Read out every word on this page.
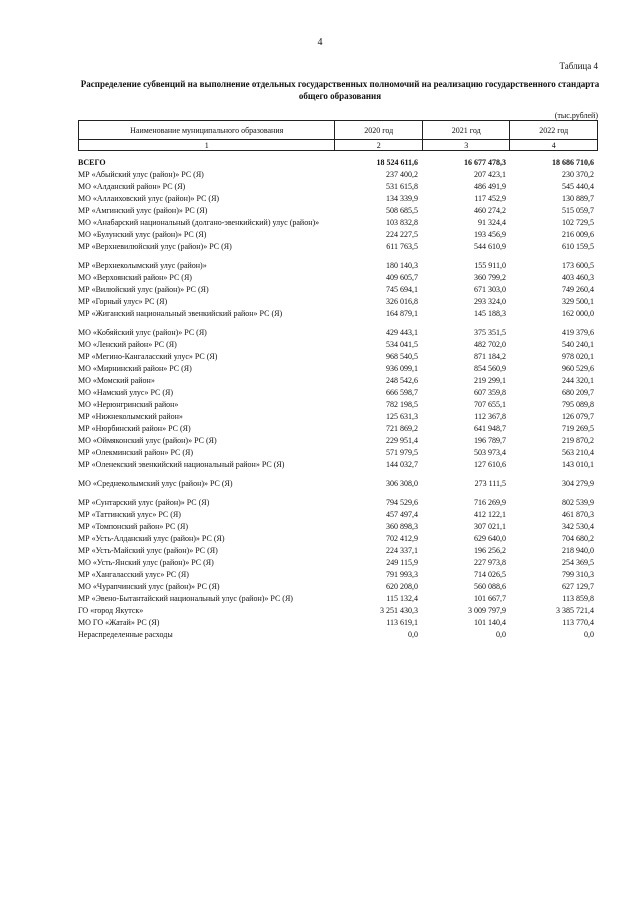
4
Таблица 4
Распределение субвенций на выполнение отдельных государственных полномочий на реализацию государственного стандарта общего образования
(тыс.рублей)
Наименование муниципального образования	2020 год	2021 год	2022 год
1	2	3	4
ВСЕГО	18 524 611,6	16 677 478,3	18 686 710,6
МР «Абыйский улус (район)» РС (Я)	237 400,2	207 423,1	230 370,2
МО «Алданский район» РС (Я)	531 615,8	486 491,9	545 440,4
МО «Аллаиховский улус (район)» РС (Я)	134 339,9	117 452,9	130 889,7
МР «Амгинский улус (район)» РС (Я)	508 685,5	460 274,2	515 059,7
МО «Анабарский национальный (долгано-эвенкийский) улус (район)»	103 832,8	91 324,4	102 729,5
МО «Булунский улус (район)» РС (Я)	224 227,5	193 456,9	216 009,6
МР «Верхневилюйский улус (район)» РС (Я)	611 763,5	544 610,9	610 159,5
МР «Верхнеколымский улус (район)»	180 140,3	155 911,0	173 600,5
МО «Верхоянский район» РС (Я)	409 605,7	360 799,2	403 460,3
МР «Вилюйский улус (район)» РС (Я)	745 694,1	671 303,0	749 260,4
МР «Горный улус» РС (Я)	326 016,8	293 324,0	329 500,1
МР «Жиганский национальный эвенкийский район» РС (Я)	164 879,1	145 188,3	162 000,0
МО «Кобяйский улус (район)» РС (Я)	429 443,1	375 351,5	419 379,6
МО «Ленский район» РС (Я)	534 041,5	482 702,0	540 240,1
МР «Мегино-Кангаласский улус» РС (Я)	968 540,5	871 184,2	978 020,1
МО «Мирнинский район» РС (Я)	936 099,1	854 560,9	960 529,6
МО «Момский район»	248 542,6	219 299,1	244 320,1
МО «Намский улус» РС (Я)	666 598,7	607 359,8	680 209,7
МО «Нерюнгринский район»	782 198,5	707 655,1	795 089,8
МР «Нижнеколымский район»	125 631,3	112 367,8	126 079,7
МР «Нюрбинский район» РС (Я)	721 869,2	641 948,7	719 269,5
МО «Оймяконский улус (район)» РС (Я)	229 951,4	196 789,7	219 870,2
МР «Олекминский район» РС (Я)	571 979,5	503 973,4	563 210,4
МР «Оленекский эвенкийский национальный район» РС (Я)	144 032,7	127 610,6	143 010,1
МО «Среднеколымский улус (район)» РС (Я)	306 308,0	273 111,5	304 279,9
МР «Сунтарский улус (район)» РС (Я)	794 529,6	716 269,9	802 539,9
МР «Таттинский улус» РС (Я)	457 497,4	412 122,1	461 870,3
МР «Томпонский район» РС (Я)	360 898,3	307 021,1	342 530,4
МР «Усть-Алданский улус (район)» РС (Я)	702 412,9	629 640,0	704 680,2
МР «Усть-Майский улус (район)» РС (Я)	224 337,1	196 256,2	218 940,0
МО «Усть-Янский улус (район)» РС (Я)	249 115,9	227 973,8	254 369,5
МР «Хангаласский улус» РС (Я)	791 993,3	714 026,5	799 310,3
МО «Чурапчинский улус (район)» РС (Я)	620 208,0	560 088,6	627 129,7
МР «Эвено-Бытантайский национальный улус (район)» РС (Я)	115 132,4	101 667,7	113 859,8
ГО «город Якутск»	3 251 430,3	3 009 797,9	3 385 721,4
МО ГО «Жатай» РС (Я)	113 619,1	101 140,4	113 770,4
Нераспределенные расходы	0,0	0,0	0,0
